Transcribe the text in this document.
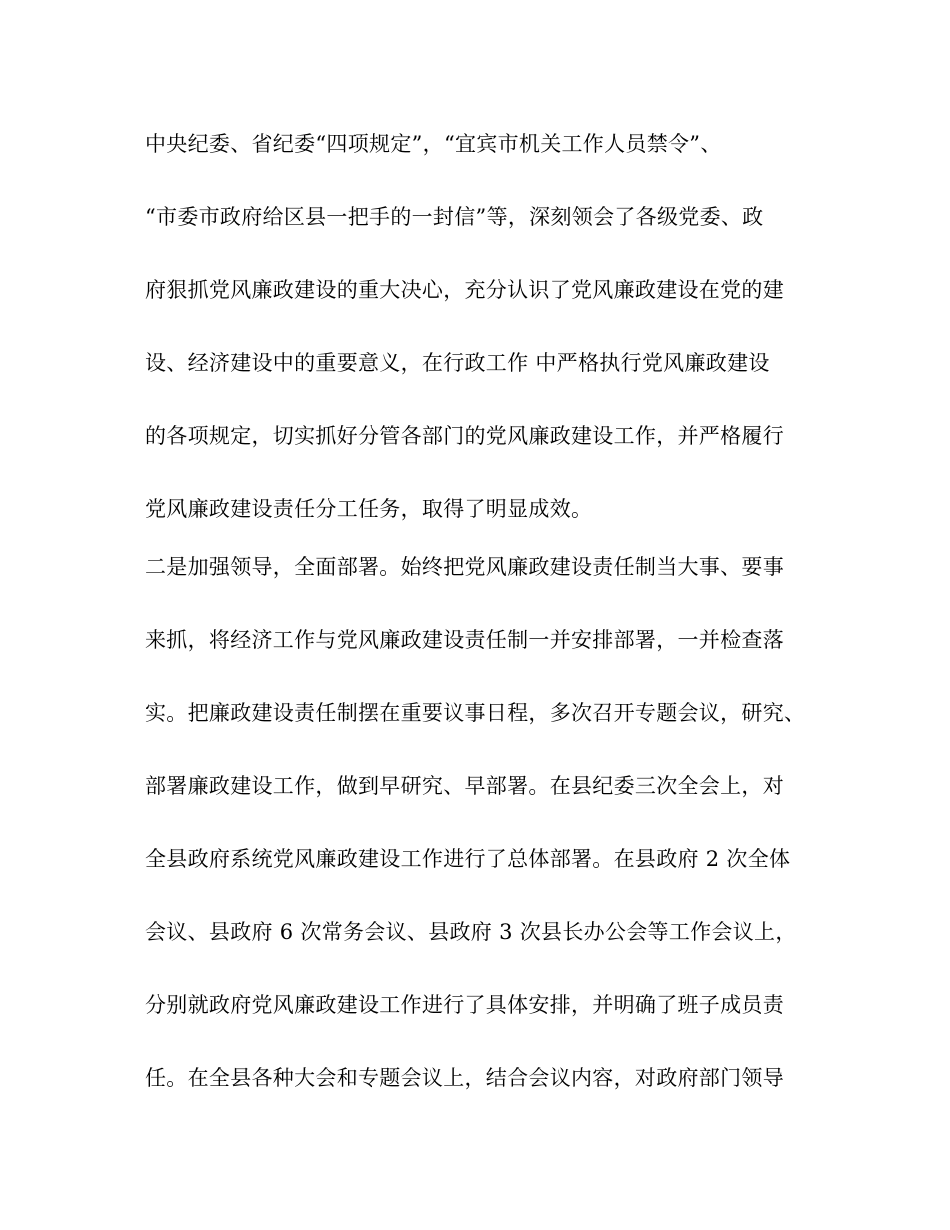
中央纪委、省纪委“四项规定”，“宜宾市机关工作人员禁令”、
“市委市政府给区县一把手的一封信”等，深刻领会了各级党委、政
府狠抓党风廉政建设的重大决心，充分认识了党风廉政建设在党的建
设、经济建设中的重要意义，在行政工作 中严格执行党风廉政建设
的各项规定，切实抓好分管各部门的党风廉政建设工作，并严格履行
党风廉政建设责任分工任务，取得了明显成效。
二是加强领导，全面部署。始终把党风廉政建设责任制当大事、要事
来抓，将经济工作与党风廉政建设责任制一并安排部署，一并检查落
实。把廉政建设责任制摆在重要议事日程，多次召开专题会议，研究、
部署廉政建设工作，做到早研究、早部署。在县纪委三次全会上，对
全县政府系统党风廉政建设工作进行了总体部署。在县政府 2 次全体
会议、县政府 6 次常务会议、县政府 3 次县长办公会等工作会议上，
分别就政府党风廉政建设工作进行了具体安排，并明确了班子成员责
任。在全县各种大会和专题会议上，结合会议内容，对政府部门领导
